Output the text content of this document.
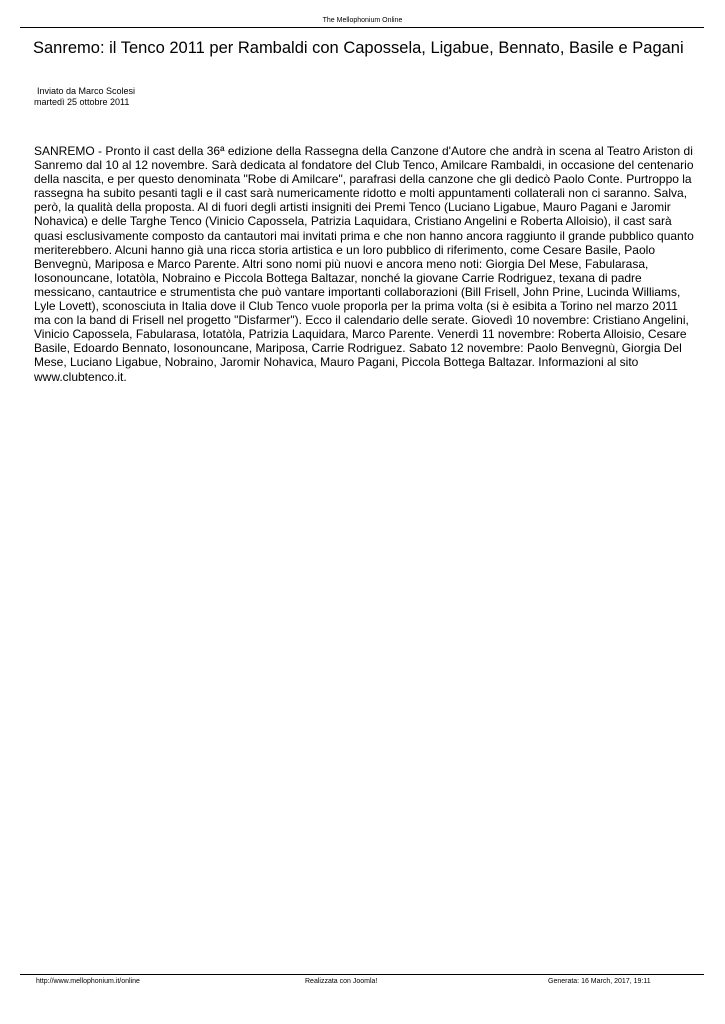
The Mellophonium Online
Sanremo: il Tenco 2011 per Rambaldi con Capossela, Ligabue, Bennato, Basile e Pagani
Inviato da Marco Scolesi
martedì 25 ottobre 2011

SANREMO - Pronto il cast della 36ª edizione della Rassegna della Canzone d'Autore che andrà in scena al Teatro Ariston di Sanremo dal 10 al 12 novembre. Sarà dedicata al fondatore del Club Tenco, Amilcare Rambaldi, in occasione del centenario della nascita, e per questo denominata "Robe di Amilcare", parafrasi della canzone che gli dedicò Paolo Conte. Purtroppo la rassegna ha subito pesanti tagli e il cast sarà numericamente ridotto e molti appuntamenti collaterali non ci saranno. Salva, però, la qualità della proposta. Al di fuori degli artisti insigniti dei Premi Tenco (Luciano Ligabue, Mauro Pagani e Jaromir Nohavica) e delle Targhe Tenco (Vinicio Capossela, Patrizia Laquidara, Cristiano Angelini e Roberta Alloisio), il cast sarà quasi esclusivamente composto da cantautori mai invitati prima e che non hanno ancora raggiunto il grande pubblico quanto meriterebbero. Alcuni hanno già una ricca storia artistica e un loro pubblico di riferimento, come Cesare Basile, Paolo Benvegnù, Mariposa e Marco Parente. Altri sono nomi più nuovi e ancora meno noti: Giorgia Del Mese, Fabularasa, Iosonouncane, Iotatòla, Nobraino e Piccola Bottega Baltazar, nonché la giovane Carrie Rodriguez, texana di padre messicano, cantautrice e strumentista che può vantare importanti collaborazioni (Bill Frisell, John Prine, Lucinda Williams, Lyle Lovett), sconosciuta in Italia dove il Club Tenco vuole proporla per la prima volta (si è esibita a Torino nel marzo 2011 ma con la band di Frisell nel progetto "Disfarmer"). Ecco il calendario delle serate. Giovedì 10 novembre: Cristiano Angelini, Vinicio Capossela, Fabularasa, Iotatòla, Patrizia Laquidara, Marco Parente. Venerdì 11 novembre: Roberta Alloisio, Cesare Basile, Edoardo Bennato, Iosonouncane, Mariposa, Carrie Rodriguez. Sabato 12 novembre: Paolo Benvegnù, Giorgia Del Mese, Luciano Ligabue, Nobraino, Jaromir Nohavica, Mauro Pagani, Piccola Bottega Baltazar. Informazioni al sito www.clubtenco.it.

http://www.mellophonium.it/online	Realizzata con Joomla!	Generata: 16 March, 2017, 19:11
